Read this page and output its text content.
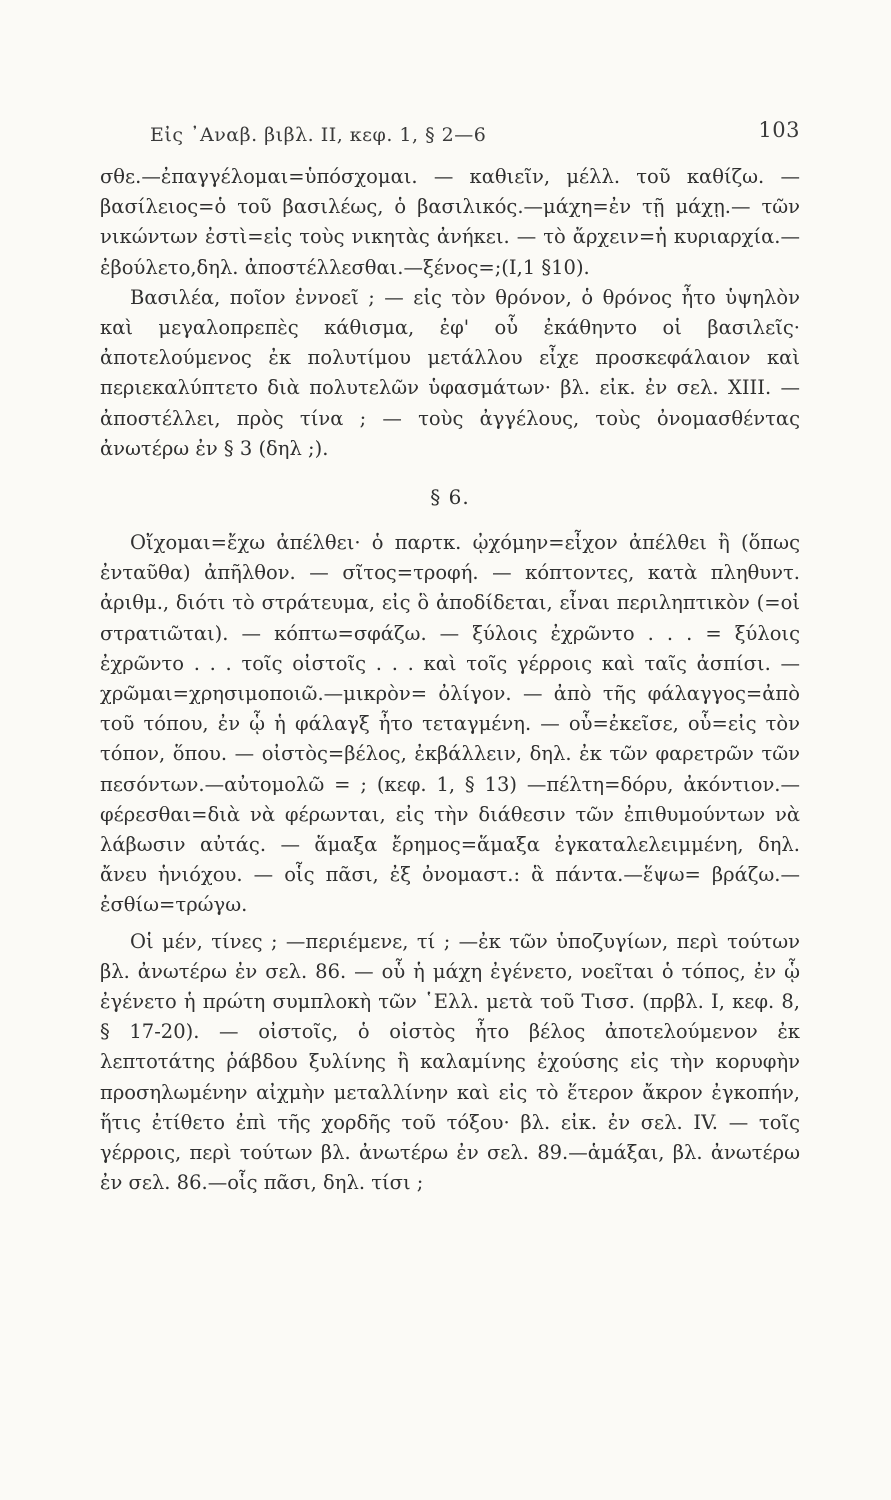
Εἰς ᾿Αναβ. βιβλ. ΙΙ, κεφ. 1, § 2—6	103

σθε.—ἐπαγγέλομαι=ὑπόσχομαι. — καθιεῖν, μέλλ. τοῦ καθίζω. — βασίλειος=ὁ τοῦ βασιλέως, ὁ βασιλικός.—μάχη=ἐν τῇ μάχῃ.— τῶν νικώντων ἐστὶ=εἰς τοὺς νικητὰς ἀνήκει. — τὸ ἄρχειν=ἡ κυριαρχία.—ἐβούλετο,δηλ. ἀποστέλλεσθαι.—ξένος=;(I,1 §10).

Βασιλέα, ποῖον ἐννοεῖ ; — εἰς τὸν θρόνον, ὁ θρόνος ἦτο ὑψηλὸν καὶ μεγαλοπρεπὲς κάθισμα, ἐφ' οὗ ἐκάθηντο οἱ βασιλεῖς· ἀποτελούμενος ἐκ πολυτίμου μετάλλου εἶχε προσκεφάλαιον καὶ περιεκαλύπτετο διὰ πολυτελῶν ὑφασμάτων· βλ. εἰκ. ἐν σελ. ΧΙΙΙ. —ἀποστέλλει, πρὸς τίνα ; — τοὺς ἀγγέλους, τοὺς ὀνομασθέντας ἀνωτέρω ἐν § 3 (δηλ ;).

§ 6.

Οἴχομαι=ἔχω ἀπέλθει· ὁ παρτκ. ᾠχόμην=εἶχον ἀπέλθει ἢ (ὅπως ἐνταῦθα) ἀπῆλθον. — σῖτος=τροφή. — κόπτοντες, κατὰ πληθυντ. ἀριθμ., διότι τὸ στράτευμα, εἰς ὃ ἀποδίδεται, εἶναι περιληπτικὸν (=οἱ στρατιῶται). — κόπτω=σφάζω. — ξύλοις ἐχρῶντο . . . = ξύλοις ἐχρῶντο . . . τοῖς οἰστοῖς . . . καὶ τοῖς γέρροις καὶ ταῖς ἀσπίσι. — χρῶμαι=χρησιμοποιῶ.—μικρὸν= ὀλίγον. — ἀπὸ τῆς φάλαγγος=ἀπὸ τοῦ τόπου, ἐν ᾧ ἡ φάλαγξ ἦτο τεταγμένη. — οὗ=ἐκεῖσε, οὗ=εἰς τὸν τόπον, ὅπου. — οἰστὸς=βέλος, ἐκβάλλειν, δηλ. ἐκ τῶν φαρετρῶν τῶν πεσόντων.—αὐτομολῶ = ; (κεφ. 1, § 13) —πέλτη=δόρυ, ἀκόντιον.— φέρεσθαι=διὰ νὰ φέρωνται, εἰς τὴν διάθεσιν τῶν ἐπιθυμούντων νὰ λάβωσιν αὐτάς. — ἅμαξα ἔρημος=ἅμαξα ἐγκαταλελειμμένη, δηλ. ἄνευ ἡνιόχου. — οἷς πᾶσι, ἐξ ὀνομαστ.: ἃ πάντα.—ἕψω= βράζω.—ἐσθίω=τρώγω.

Οἱ μέν, τίνες ; —περιέμενε, τί ; —ἐκ τῶν ὑποζυγίων, περὶ τούτων βλ. ἀνωτέρω ἐν σελ. 86. — οὗ ἡ μάχη ἐγένετο, νοεῖται ὁ τόπος, ἐν ᾧ ἐγένετο ἡ πρώτη συμπλοκὴ τῶν ῾Ελλ. μετὰ τοῦ Τισσ. (πρβλ. I, κεφ. 8, § 17-20). — οἰστοῖς, ὁ οἰστὸς ἦτο βέλος ἀποτελούμενον ἐκ λεπτοτάτης ῥάβδου ξυλίνης ἢ καλαμίνης ἐχούσης εἰς τὴν κορυφὴν προσηλωμένην αἰχμὴν μεταλλίνην καὶ εἰς τὸ ἕτερον ἄκρον ἐγκοπήν, ἥτις ἐτίθετο ἐπὶ τῆς χορδῆς τοῦ τόξου· βλ. εἰκ. ἐν σελ. IV. — τοῖς γέρροις, περὶ τούτων βλ. ἀνωτέρω ἐν σελ. 89.—ἁμάξαι, βλ. ἀνωτέρω ἐν σελ. 86.—οἷς πᾶσι, δηλ. τίσι ;
